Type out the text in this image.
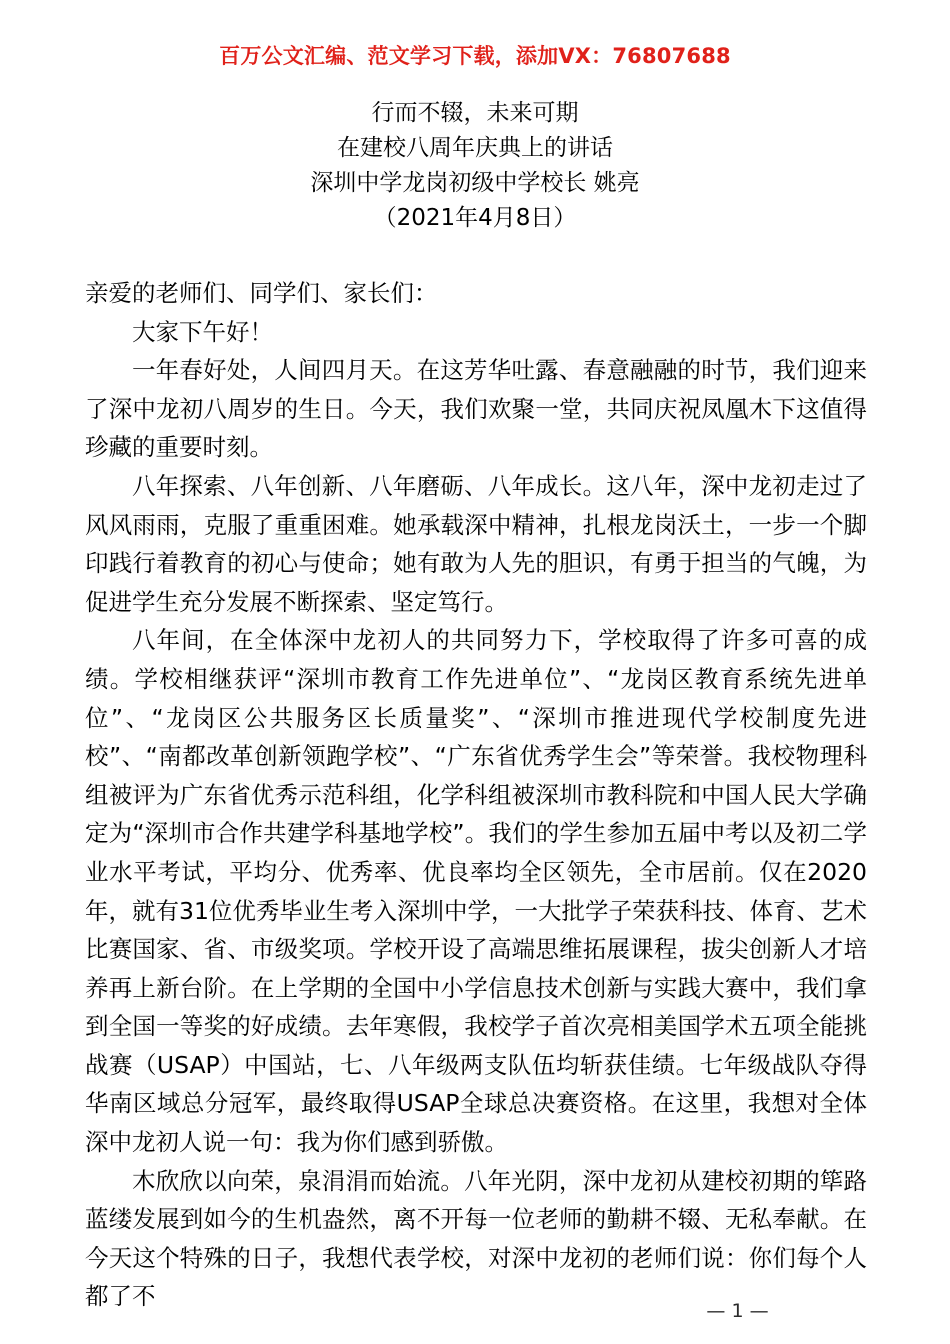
百万公文汇编、范文学习下载，添加VX：76807688
行而不辍，未来可期
在建校八周年庆典上的讲话
深圳中学龙岗初级中学校长 姚亮
（2021年4月8日）

亲爱的老师们、同学们、家长们：

大家下午好！

一年春好处，人间四月天。在这芳华吐露、春意融融的时节，我们迎来了深中龙初八周岁的生日。今天，我们欢聚一堂，共同庆祝凤凰木下这值得珍藏的重要时刻。

八年探索、八年创新、八年磨砺、八年成长。这八年，深中龙初走过了风风雨雨，克服了重重困难。她承载深中精神，扎根龙岗沃土，一步一个脚印践行着教育的初心与使命；她有敢为人先的胆识，有勇于担当的气魄，为促进学生充分发展不断探索、坚定笃行。

八年间，在全体深中龙初人的共同努力下，学校取得了许多可喜的成绩。学校相继获评“深圳市教育工作先进单位”、“龙岗区教育系统先进单位”、“龙岗区公共服务区长质量奖”、“深圳市推进现代学校制度先进校”、“南都改革创新领跑学校”、“广东省优秀学生会”等荣誉。我校物理科组被评为广东省优秀示范科组，化学科组被深圳市教科院和中国人民大学确定为“深圳市合作共建学科基地学校”。我们的学生参加五届中考以及初二学业水平考试，平均分、优秀率、优良率均全区领先，全市居前。仅在2020年，就有31位优秀毕业生考入深圳中学，一大批学子荣获科技、体育、艺术比赛国家、省、市级奖项。学校开设了高端思维拓展课程，拔尖创新人才培养再上新台阶。在上学期的全国中小学信息技术创新与实践大赛中，我们拿到全国一等奖的好成绩。去年寒假，我校学子首次亮相美国学术五项全能挑战赛（USAP）中国站，七、八年级两支队伍均斩获佳绩。七年级战队夺得华南区域总分冠军，最终取得USAP全球总决赛资格。在这里，我想对全体深中龙初人说一句：我为你们感到骄傲。

木欣欣以向荣，泉涓涓而始流。八年光阴，深中龙初从建校初期的筚路蓝缕发展到如今的生机盎然，离不开每一位老师的勤耕不辍、无私奉献。在今天这个特殊的日子，我想代表学校，对深中龙初的老师们说：你们每个人都了不

— 1 —
